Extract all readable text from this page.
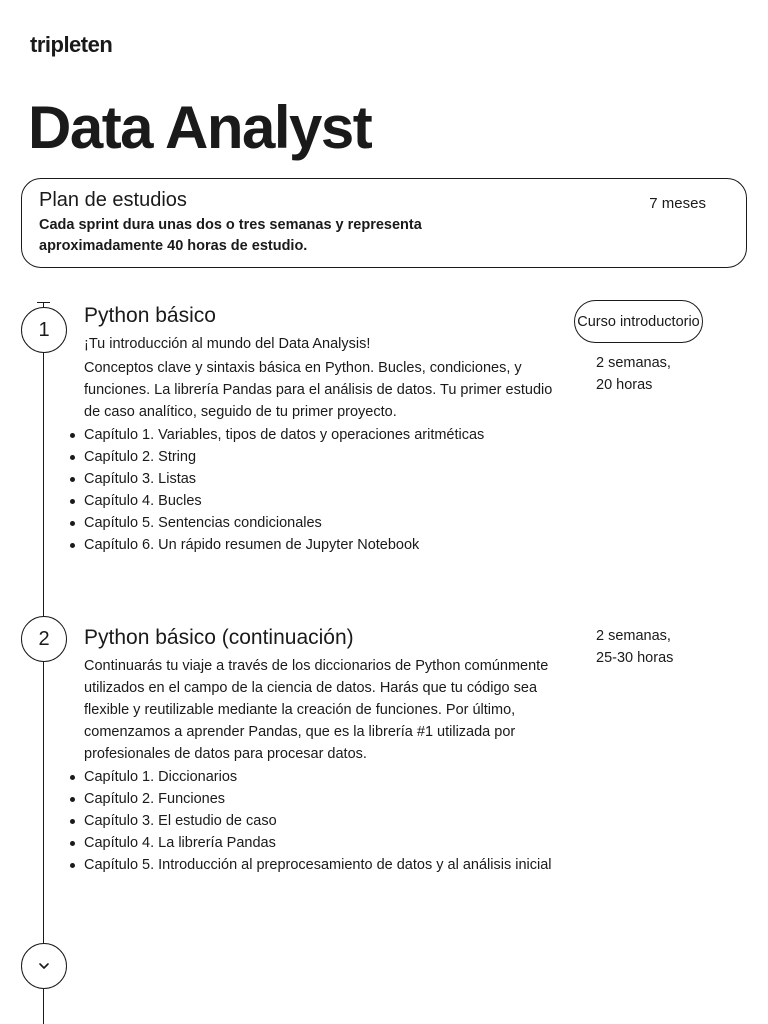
tripleten
Data Analyst
Plan de estudios	7 meses
Cada sprint dura unas dos o tres semanas y representa aproximadamente 40 horas de estudio.
1
2
Python básico
¡Tu introducción al mundo del Data Analysis!
Conceptos clave y sintaxis básica en Python. Bucles, condiciones, y funciones. La librería Pandas para el análisis de datos. Tu primer estudio de caso analítico, seguido de tu primer proyecto.
Capítulo 1. Variables, tipos de datos y operaciones aritméticas
Capítulo 2. String
Capítulo 3. Listas
Capítulo 4. Bucles
Capítulo 5. Sentencias condicionales
Capítulo 6. Un rápido resumen de Jupyter Notebook
Curso introductorio
2 semanas,
20 horas
Python básico (continuación)
Continuarás tu viaje a través de los diccionarios de Python comúnmente utilizados en el campo de la ciencia de datos. Harás que tu código sea flexible y reutilizable mediante la creación de funciones. Por último, comenzamos a aprender Pandas, que es la librería #1 utilizada por profesionales de datos para procesar datos.
Capítulo 1. Diccionarios
Capítulo 2. Funciones
Capítulo 3. El estudio de caso
Capítulo 4. La librería Pandas
Capítulo 5. Introducción al preprocesamiento de datos y al análisis inicial
2 semanas,
25-30 horas
